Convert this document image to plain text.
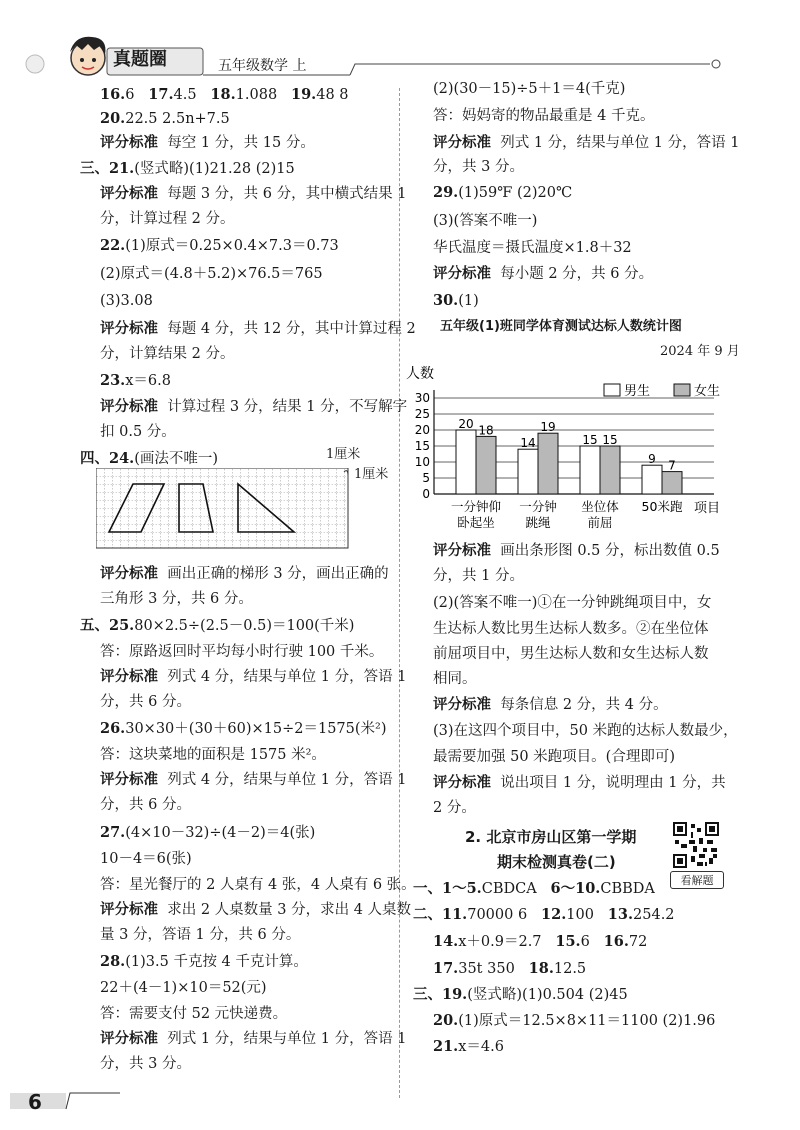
真题圈	五年级数学 上
16.6 17.4.5 18.1.088 19.48 8
20.22.5 2.5n+7.5
评分标准 每空 1 分，共 15 分。
三、21.(竖式略)(1)21.28 (2)15
评分标准 每题 3 分，共 6 分，其中横式结果 1
分，计算过程 2 分。
22.(1)原式＝0.25×0.4×7.3＝0.73
(2)原式＝(4.8＋5.2)×76.5＝765
(3)3.08
评分标准 每题 4 分，共 12 分，其中计算过程 2
分，计算结果 2 分。
23.x＝6.8
评分标准 计算过程 3 分，结果 1 分，不写解字
扣 0.5 分。
四、24.(画法不唯一)	1厘米
1厘米
评分标准 画出正确的梯形 3 分，画出正确的
三角形 3 分，共 6 分。
五、25.80×2.5÷(2.5－0.5)＝100(千米)
答：原路返回时平均每小时行驶 100 千米。
评分标准 列式 4 分，结果与单位 1 分，答语 1
分，共 6 分。
26.30×30＋(30＋60)×15÷2＝1575(米²)
答：这块菜地的面积是 1575 米²。
评分标准 列式 4 分，结果与单位 1 分，答语 1
分，共 6 分。
27.(4×10－32)÷(4－2)＝4(张)
10－4＝6(张)
答：星光餐厅的 2 人桌有 4 张，4 人桌有 6 张。
评分标准 求出 2 人桌数量 3 分，求出 4 人桌数
量 3 分，答语 1 分，共 6 分。
28.(1)3.5 千克按 4 千克计算。
22＋(4－1)×10＝52(元)
答：需要支付 52 元快递费。
评分标准 列式 1 分，结果与单位 1 分，答语 1
分，共 3 分。
(2)(30－15)÷5＋1＝4(千克)
答：妈妈寄的物品最重是 4 千克。
评分标准 列式 1 分，结果与单位 1 分，答语 1
分，共 3 分。
29.(1)59℉ (2)20℃
(3)(答案不唯一)
华氏温度＝摄氏温度×1.8＋32
评分标准 每小题 2 分，共 6 分。
30.(1)
五年级(1)班同学体育测试达标人数统计图
2024 年 9 月
人数
男生	女生
0
5
10
15
20
25
30
20 18
一分钟仰
卧起坐
14
19
一分钟
跳绳
15 15
坐位体
前屈
9 7
50米跑 项目
评分标准 画出条形图 0.5 分，标出数值 0.5
分，共 1 分。
(2)(答案不唯一)①在一分钟跳绳项目中，女
生达标人数比男生达标人数多。②在坐位体
前屈项目中，男生达标人数和女生达标人数
相同。
评分标准 每条信息 2 分，共 4 分。
(3)在这四个项目中，50 米跑的达标人数最少，
最需要加强 50 米跑项目。(合理即可)
评分标准 说出项目 1 分，说明理由 1 分，共
2 分。
2. 北京市房山区第一学期
期末检测真卷(二)
看解题
一、1～5.CBDCA 6～10.CBBDA
二、11.70000 6 12.100 13.254.2
14.x＋0.9＝2.7 15.6 16.72
17.35t 350 18.12.5
三、19.(竖式略)(1)0.504 (2)45
20.(1)原式＝12.5×8×11＝1100 (2)1.96
21.x＝4.6
6
